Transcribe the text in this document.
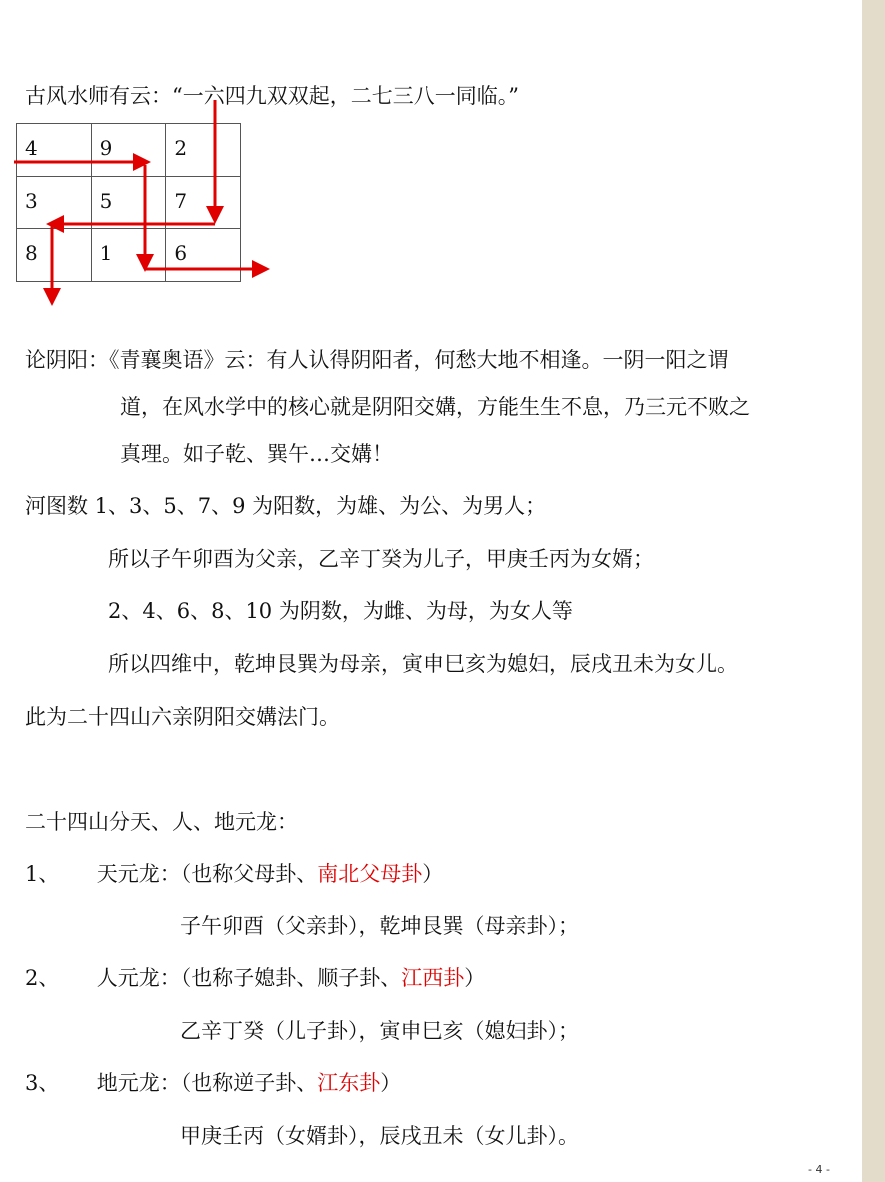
古风水师有云：“一六四九双双起，二七三八一同临。”
4	9	2
3	5	7
8	1	6
论阴阳：《青襄奥语》云：有人认得阴阳者，何愁大地不相逢。一阴一阳之谓
道，在风水学中的核心就是阴阳交媾，方能生生不息，乃三元不败之
真理。如子乾、巽午…交媾！
河图数 1、3、5、7、9 为阳数，为雄、为公、为男人；
所以子午卯酉为父亲，乙辛丁癸为儿子，甲庚壬丙为女婿；
2、4、6、8、10 为阴数，为雌、为母，为女人等
所以四维中，乾坤艮巽为母亲，寅申巳亥为媳妇，辰戌丑未为女儿。
此为二十四山六亲阴阳交媾法门。
二十四山分天、人、地元龙：
1、 天元龙：（也称父母卦、南北父母卦）
子午卯酉（父亲卦），乾坤艮巽（母亲卦）；
2、 人元龙：（也称子媳卦、顺子卦、江西卦）
乙辛丁癸（儿子卦），寅申巳亥（媳妇卦）；
3、 地元龙：（也称逆子卦、江东卦）
甲庚壬丙（女婿卦），辰戌丑未（女儿卦）。
- 4 -
